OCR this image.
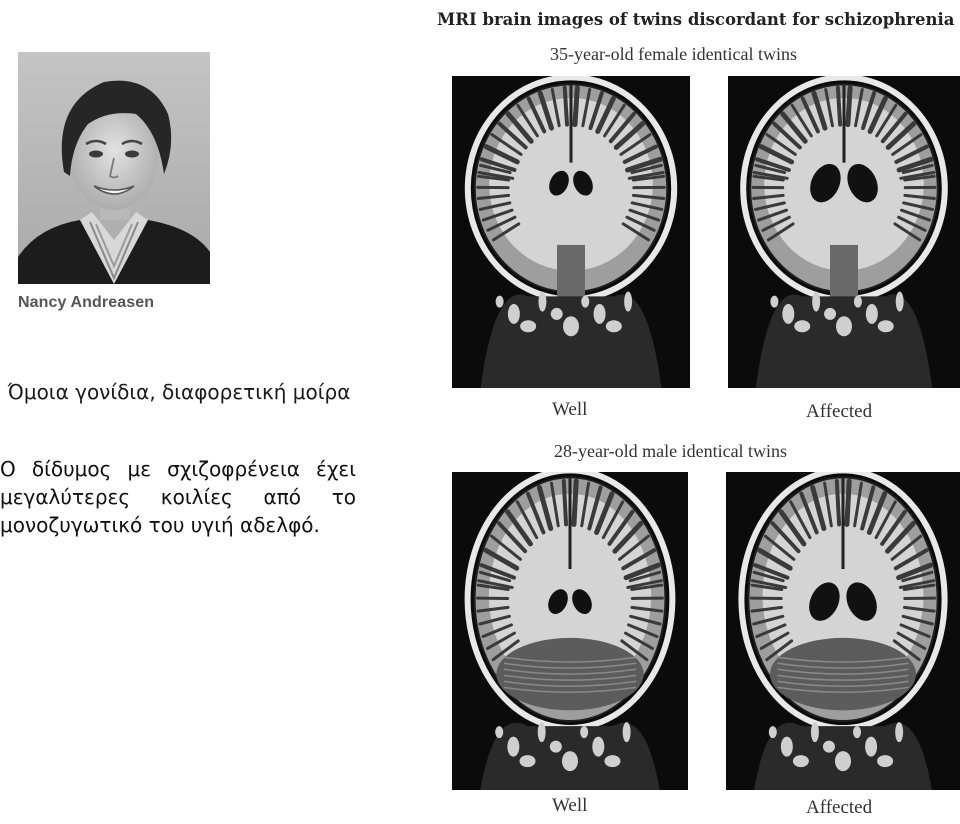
Nancy Andreasen
Όμοια γονίδια, διαφορετική μοίρα
Ο δίδυμος με σχιζοφρένεια έχει μεγαλύτερες κοιλίες από το μονοζυγωτικό του υγιή αδελφό.
MRI brain images of twins discordant for schizophrenia
35-year-old female identical twins
Well	Affected
28-year-old male identical twins
Well	Affected
